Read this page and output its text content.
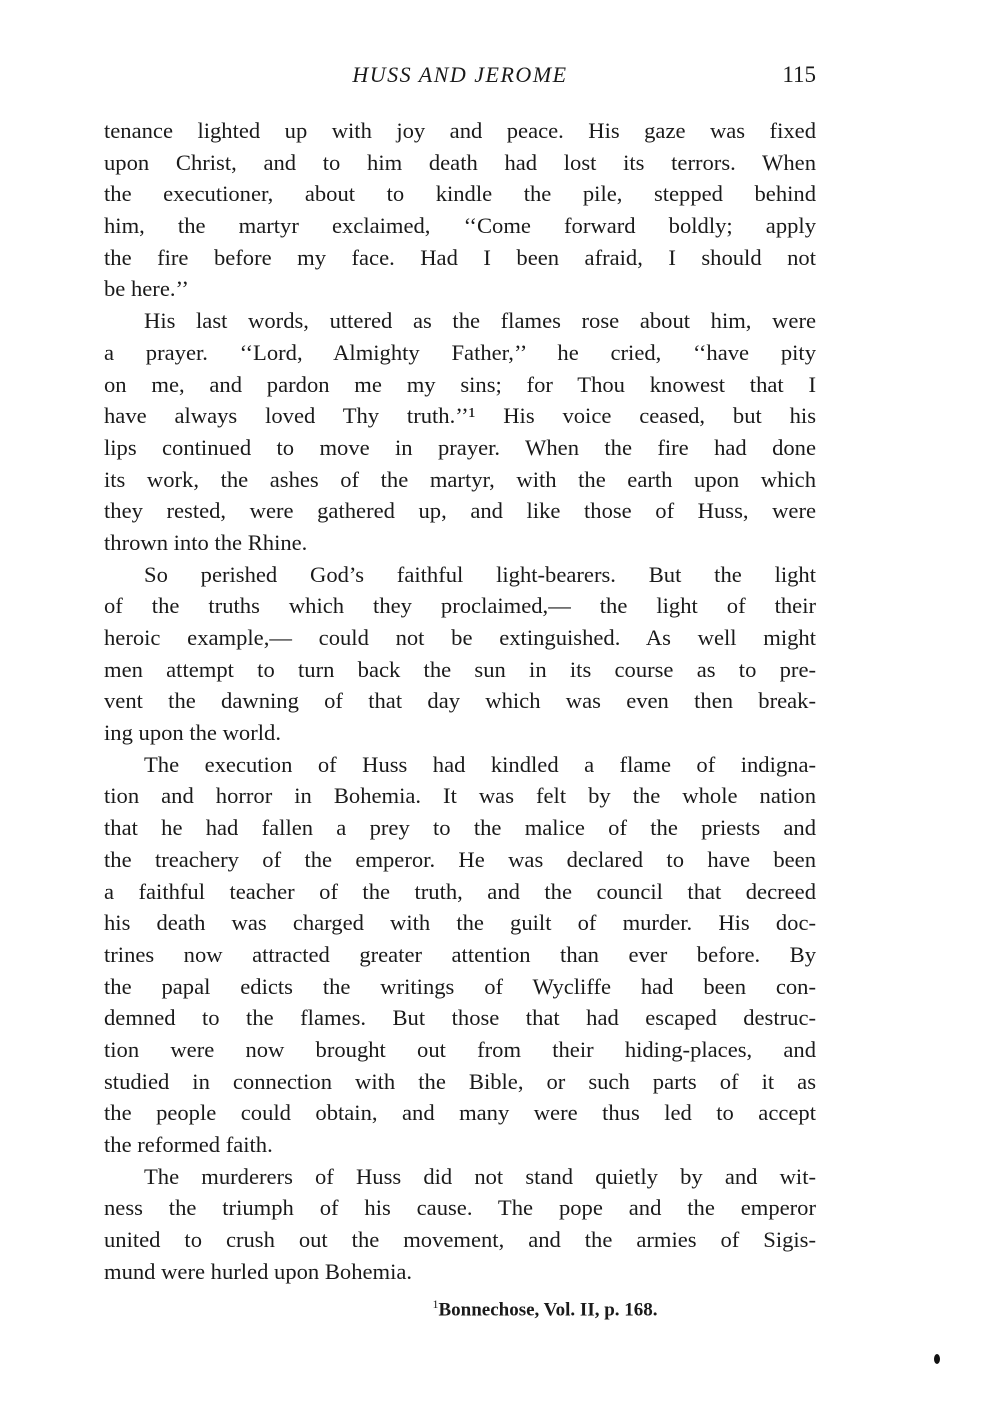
HUSS AND JEROME	115
tenance lighted up with joy and peace. His gaze was fixed
upon Christ, and to him death had lost its terrors. When
the executioner, about to kindle the pile, stepped behind
him, the martyr exclaimed, ‘‘Come forward boldly; apply
the fire before my face. Had I been afraid, I should not
be here.’’
His last words, uttered as the flames rose about him, were
a prayer. ‘‘Lord, Almighty Father,’’ he cried, ‘‘have pity
on me, and pardon me my sins; for Thou knowest that I
have always loved Thy truth.’’¹ His voice ceased, but his
lips continued to move in prayer. When the fire had done
its work, the ashes of the martyr, with the earth upon which
they rested, were gathered up, and like those of Huss, were
thrown into the Rhine.
So perished God’s faithful light-bearers. But the light
of the truths which they proclaimed,— the light of their
heroic example,— could not be extinguished. As well might
men attempt to turn back the sun in its course as to pre-
vent the dawning of that day which was even then break-
ing upon the world.
The execution of Huss had kindled a flame of indigna-
tion and horror in Bohemia. It was felt by the whole nation
that he had fallen a prey to the malice of the priests and
the treachery of the emperor. He was declared to have been
a faithful teacher of the truth, and the council that decreed
his death was charged with the guilt of murder. His doc-
trines now attracted greater attention than ever before. By
the papal edicts the writings of Wycliffe had been con-
demned to the flames. But those that had escaped destruc-
tion were now brought out from their hiding-places, and
studied in connection with the Bible, or such parts of it as
the people could obtain, and many were thus led to accept
the reformed faith.
The murderers of Huss did not stand quietly by and wit-
ness the triumph of his cause. The pope and the emperor
united to crush out the movement, and the armies of Sigis-
mund were hurled upon Bohemia.
$^1$Bonnechose, Vol. II, p. 168.
